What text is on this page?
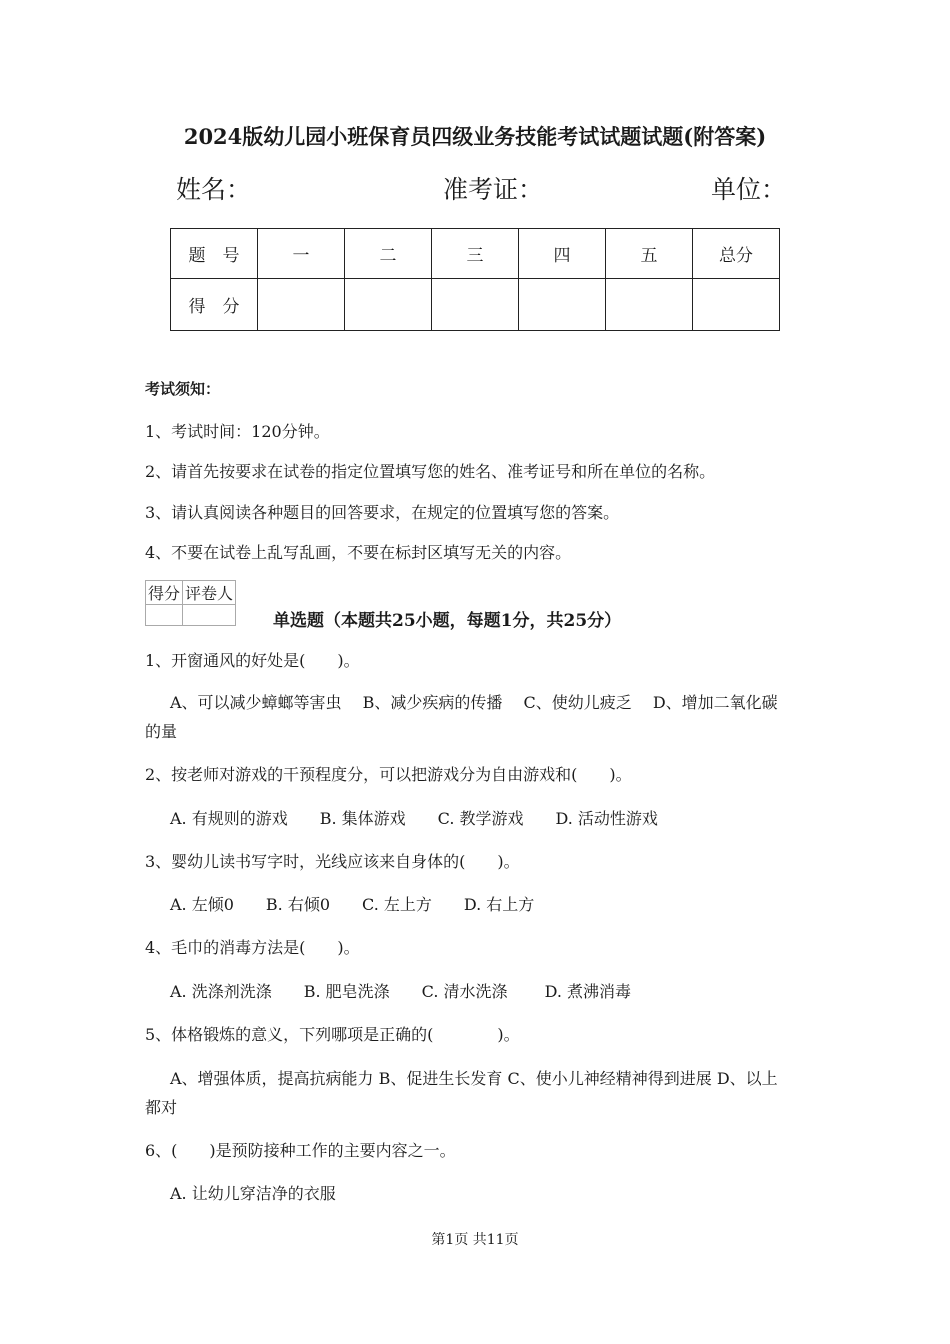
2024版幼儿园小班保育员四级业务技能考试试题试题(附答案)
姓名：	准考证：	单位：
题　号	一	二	三	四	五	总分
得　分						
考试须知：
1、考试时间：120分钟。
2、请首先按要求在试卷的指定位置填写您的姓名、准考证号和所在单位的名称。
3、请认真阅读各种题目的回答要求，在规定的位置填写您的答案。
4、不要在试卷上乱写乱画，不要在标封区填写无关的内容。
得分	评卷人

单选题（本题共25小题，每题1分，共25分）
1、开窗通风的好处是(　　)。
A、可以减少蟑螂等害虫　 B、减少疾病的传播　 C、使幼儿疲乏　 D、增加二氧化碳
的量
2、按老师对游戏的干预程度分，可以把游戏分为自由游戏和(　　)。
A. 有规则的游戏　　B. 集体游戏　　C. 教学游戏　　D. 活动性游戏
3、婴幼儿读书写字时，光线应该来自身体的(　　)。
A. 左倾0　　B. 右倾0　　C. 左上方　　D. 右上方
4、毛巾的消毒方法是(　　)。
A. 洗涤剂洗涤　　B. 肥皂洗涤　　C. 清水洗涤　　 D. 煮沸消毒
5、体格锻炼的意义，下列哪项是正确的(　　　　)。
A、增强体质，提高抗病能力 B、促进生长发育 C、使小儿神经精神得到进展 D、以上
都对
6、(　　)是预防接种工作的主要内容之一。
A. 让幼儿穿洁净的衣服
第1页 共11页
